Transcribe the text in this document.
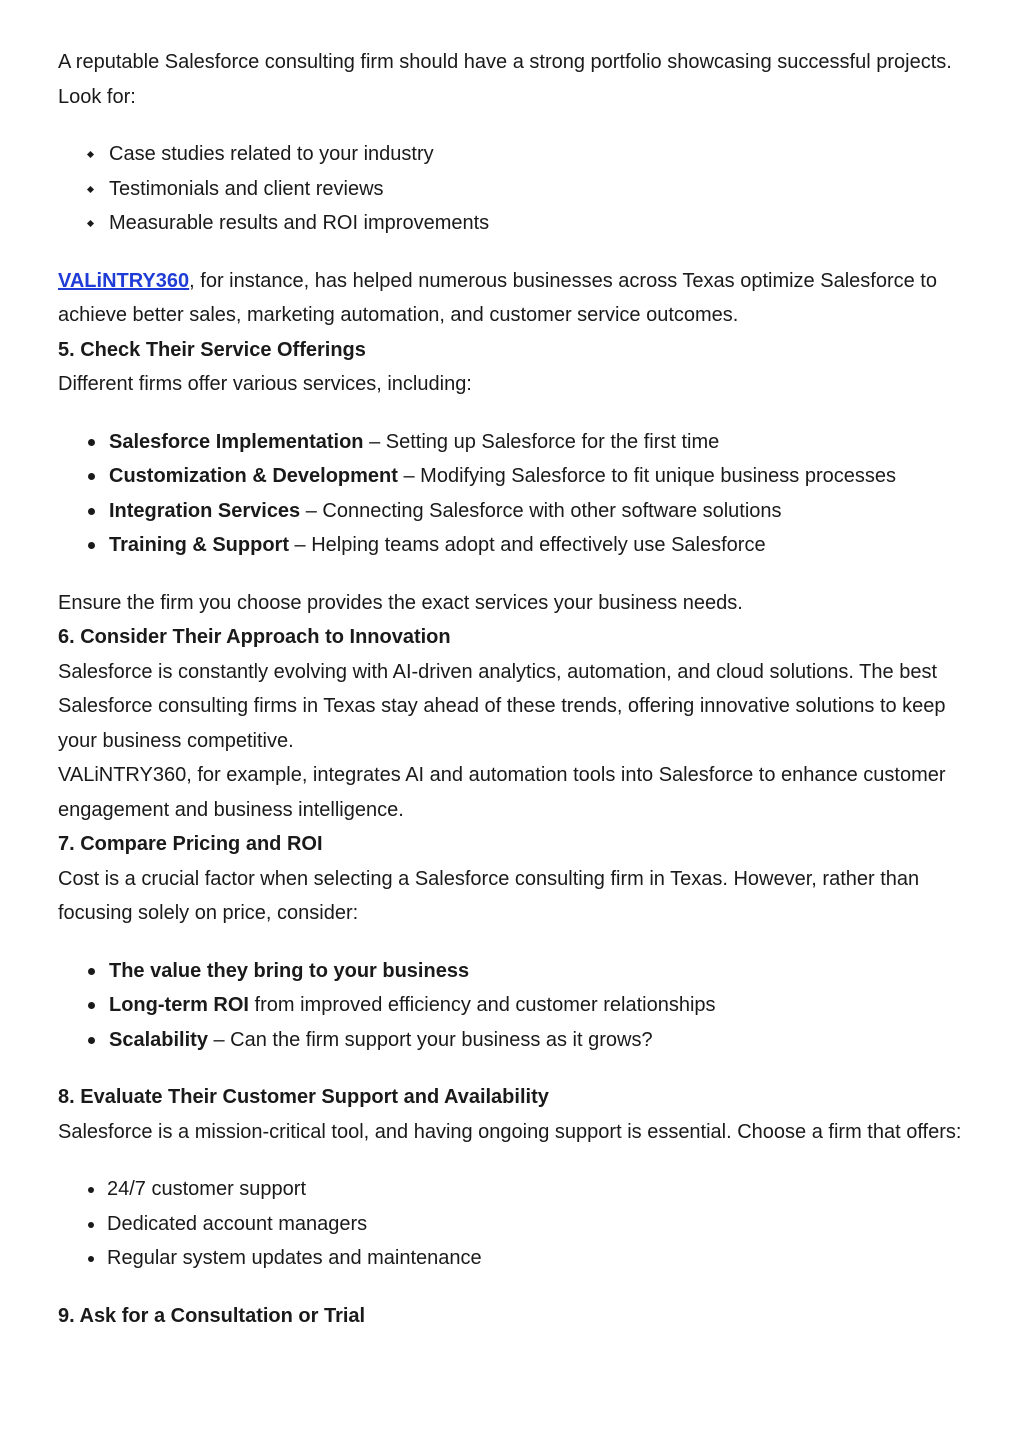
A reputable Salesforce consulting firm should have a strong portfolio showcasing successful projects. Look for:

Case studies related to your industry
Testimonials and client reviews
Measurable results and ROI improvements

VALiNTRY360, for instance, has helped numerous businesses across Texas optimize Salesforce to achieve better sales, marketing automation, and customer service outcomes.

5. Check Their Service Offerings

Different firms offer various services, including:

Salesforce Implementation – Setting up Salesforce for the first time
Customization & Development – Modifying Salesforce to fit unique business processes
Integration Services – Connecting Salesforce with other software solutions
Training & Support – Helping teams adopt and effectively use Salesforce

Ensure the firm you choose provides the exact services your business needs.

6. Consider Their Approach to Innovation

Salesforce is constantly evolving with AI-driven analytics, automation, and cloud solutions. The best Salesforce consulting firms in Texas stay ahead of these trends, offering innovative solutions to keep your business competitive.

VALiNTRY360, for example, integrates AI and automation tools into Salesforce to enhance customer engagement and business intelligence.

7. Compare Pricing and ROI

Cost is a crucial factor when selecting a Salesforce consulting firm in Texas. However, rather than focusing solely on price, consider:

The value they bring to your business
Long-term ROI from improved efficiency and customer relationships
Scalability – Can the firm support your business as it grows?
8. Evaluate Their Customer Support and Availability

Salesforce is a mission-critical tool, and having ongoing support is essential. Choose a firm that offers:

24/7 customer support
Dedicated account managers
Regular system updates and maintenance
9. Ask for a Consultation or Trial
